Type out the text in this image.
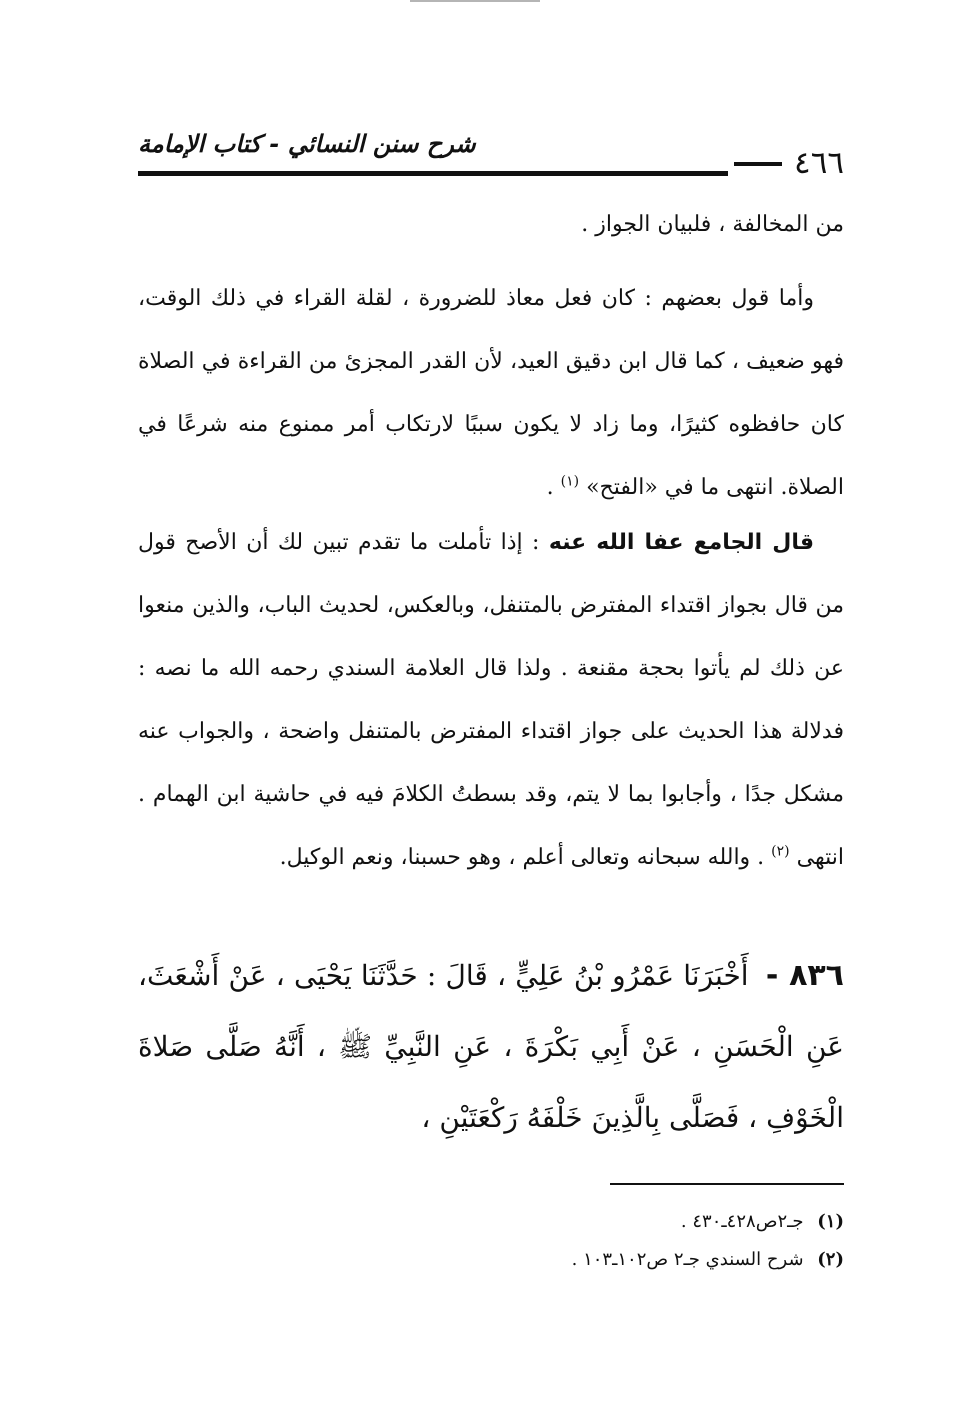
٤٦٦
شرح سنن النسائي - كتاب الإمامة

من المخالفة ، فلبيان الجواز .

وأما قول بعضهم : كان فعل معاذ للضرورة ، لقلة القراء في ذلك الوقت، فهو ضعيف ، كما قال ابن دقيق العيد، لأن القدر المجزئ من القراءة في الصلاة كان حافظوه كثيرًا، وما زاد لا يكون سببًا لارتكاب أمر ممنوع منه شرعًا في الصلاة. انتهى ما في «الفتح» $^{(١)}$ .

قال الجامع عفا الله عنه : إذا تأملت ما تقدم تبين لك أن الأصح قول من قال بجواز اقتداء المفترض بالمتنفل، وبالعكس، لحديث الباب، والذين منعوا عن ذلك لم يأتوا بحجة مقنعة . ولذا قال العلامة السندي رحمه الله ما نصه : فدلالة هذا الحديث على جواز اقتداء المفترض بالمتنفل واضحة ، والجواب عنه مشكل جدًا ، وأجابوا بما لا يتم، وقد بسطتُ الكلامَ فيه في حاشية ابن الهمام . انتهى $^{(٢)}$ . والله سبحانه وتعالى أعلم ، وهو حسبنا، ونعم الوكيل.

٨٣٦ - أَخْبَرَنَا عَمْرُو بْنُ عَلِيٍّ ، قَالَ : حَدَّثَنَا يَحْيَى ، عَنْ أَشْعَثَ، عَنِ الْحَسَنِ ، عَنْ أَبِي بَكْرَةَ ، عَنِ النَّبِيِّ ﷺ ، أَنَّهُ صَلَّى صَلاةَ الْخَوْفِ ، فَصَلَّى بِالَّذِينَ خَلْفَهُ رَكْعَتَيْنِ ،

(١) جـ٢ص٤٢٨ـ٤٣٠ .
(٢) شرح السندي جـ٢ ص١٠٢ـ١٠٣ .
